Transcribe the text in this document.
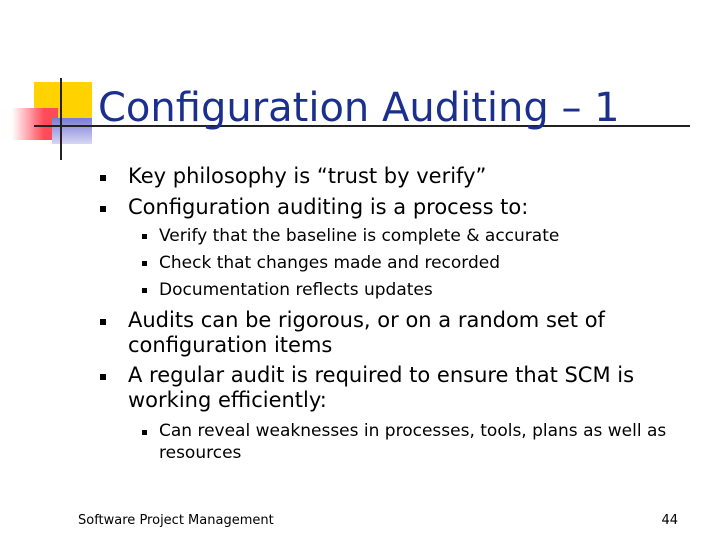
Configuration Auditing – 1
Key philosophy is “trust by verify”
Configuration auditing is a process to:
Verify that the baseline is complete & accurate
Check that changes made and recorded
Documentation reflects updates
Audits can be rigorous, or on a random set of configuration items
A regular audit is required to ensure that SCM is working efficiently:
Can reveal weaknesses in processes, tools, plans as well as resources
Software Project Management	44
